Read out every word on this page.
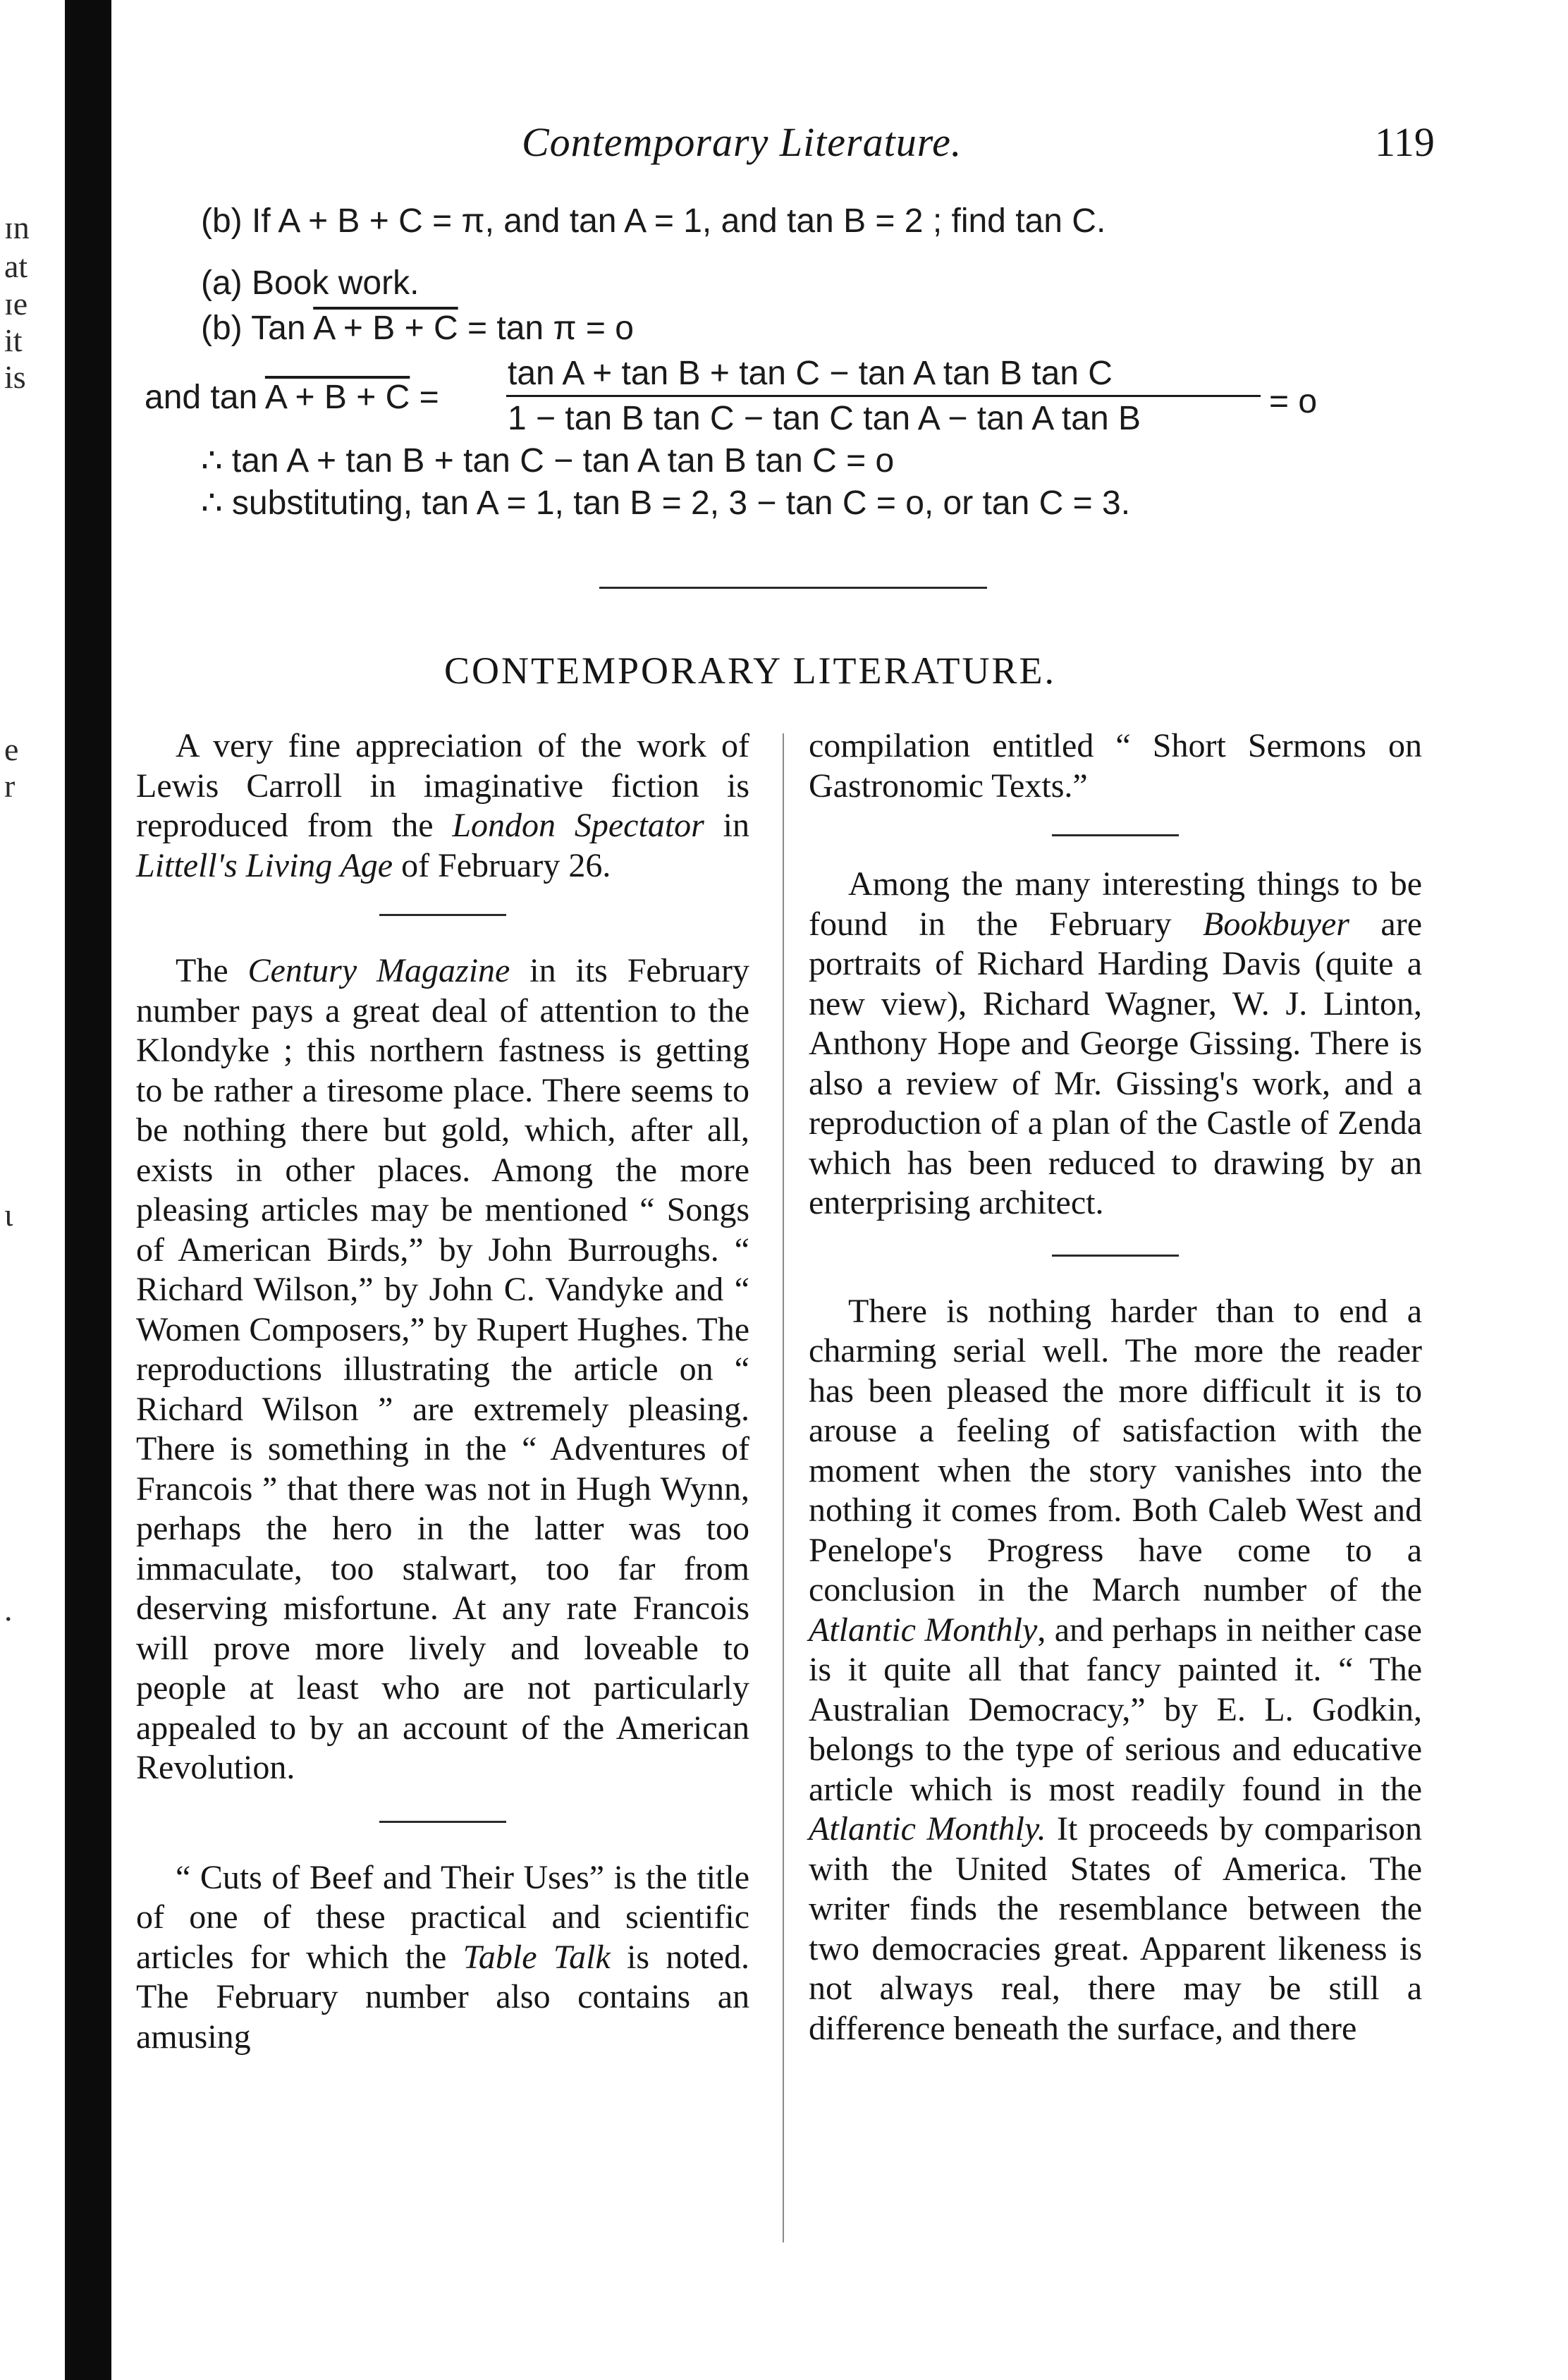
ɪn
at
ɪe
it
is
e
r
ι
.
Contemporary Literature.	119
(b) If A + B + C = π, and tan A = 1, and tan B = 2 ; find tan C.
(a) Book work.
(b) Tan A + B + C = tan π = o
and tan A + B + C =
tan A + tan B + tan C − tan A tan B tan C
1 − tan B tan C − tan C tan A − tan A tan B	= o
∴ tan A + tan B + tan C − tan A tan B tan C = o
∴ substituting, tan A = 1, tan B = 2, 3 − tan C = o, or tan C = 3.
CONTEMPORARY LITERATURE.

A very fine appreciation of the work of Lewis Carroll in imaginative fiction is reproduced from the London Spectator in Littell's Living Age of February 26.

The Century Magazine in its February number pays a great deal of attention to the Klondyke ; this northern fastness is getting to be rather a tiresome place. There seems to be nothing there but gold, which, after all, exists in other places. Among the more pleasing articles may be mentioned “ Songs of American Birds,” by John Burroughs. “ Richard Wilson,” by John C. Vandyke and “ Women Composers,” by Rupert Hughes. The reproductions illustrating the article on “ Richard Wilson ” are extremely pleasing. There is something in the “ Adventures of Francois ” that there was not in Hugh Wynn, perhaps the hero in the latter was too immaculate, too stalwart, too far from deserving misfortune. At any rate Francois will prove more lively and loveable to people at least who are not particularly appealed to by an account of the American Revolution.

“ Cuts of Beef and Their Uses” is the title of one of these practical and scientific articles for which the Table Talk is noted. The February number also contains an amusing

compilation entitled “ Short Sermons on Gastronomic Texts.”

Among the many interesting things to be found in the February Bookbuyer are portraits of Richard Harding Davis (quite a new view), Richard Wagner, W. J. Linton, Anthony Hope and George Gissing. There is also a review of Mr. Gissing's work, and a reproduction of a plan of the Castle of Zenda which has been reduced to drawing by an enterprising architect.

There is nothing harder than to end a charming serial well. The more the reader has been pleased the more difficult it is to arouse a feeling of satisfaction with the moment when the story vanishes into the nothing it comes from. Both Caleb West and Penelope's Progress have come to a conclusion in the March number of the Atlantic Monthly, and perhaps in neither case is it quite all that fancy painted it. “ The Australian Democracy,” by E. L. Godkin, belongs to the type of serious and educative article which is most readily found in the Atlantic Monthly. It proceeds by comparison with the United States of America. The writer finds the resemblance between the two democracies great. Apparent likeness is not always real, there may be still a difference beneath the surface, and there
